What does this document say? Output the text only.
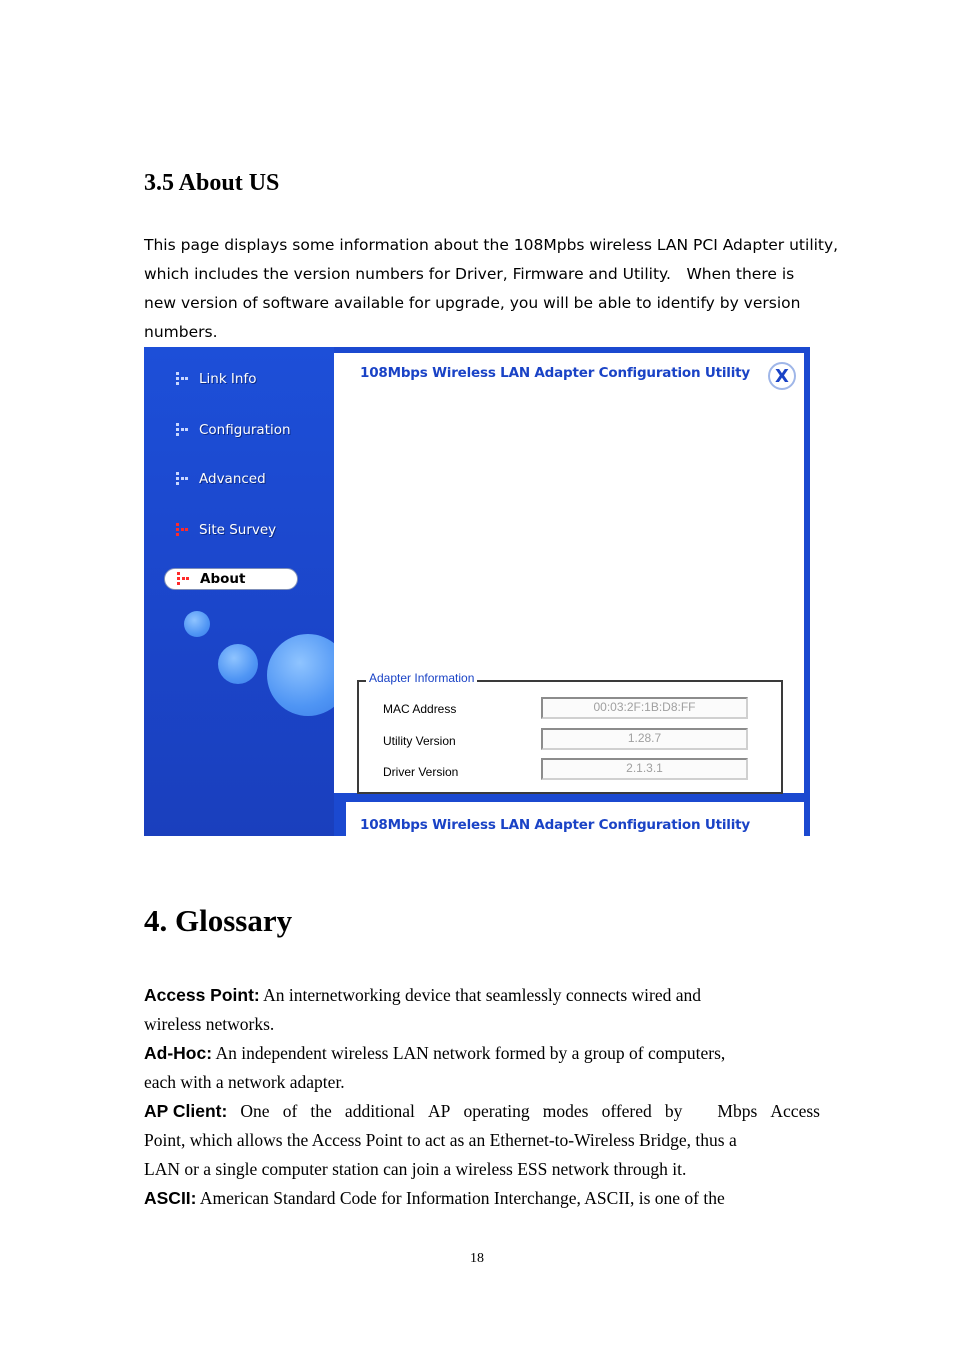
3.5 About US

This page displays some information about the 108Mpbs wireless LAN PCI Adapter utility,

which includes the version numbers for Driver, Firmware and Utility.　When there is

new version of software available for upgrade, you will be able to identify by version

numbers.

Link Info
Configuration
Advanced
Site Survey
About
108Mbps Wireless LAN Adapter Configuration Utility X
Adapter Information
MAC Address	00:03:2F:1B:D8:FF
Utility Version	1.28.7
Driver Version	2.1.3.1
108Mbps Wireless LAN Adapter Configuration Utility
4. Glossary

Access Point: An internetworking device that seamlessly connects wired and

wireless networks.

Ad-Hoc: An independent wireless LAN network formed by a group of computers,

each with a network adapter.

AP Client: One of the additional AP operating modes offered by 　 Mbps Access

Point, which allows the Access Point to act as an Ethernet-to-Wireless Bridge, thus a

LAN or a single computer station can join a wireless ESS network through it.

ASCII: American Standard Code for Information Interchange, ASCII, is one of the

18
